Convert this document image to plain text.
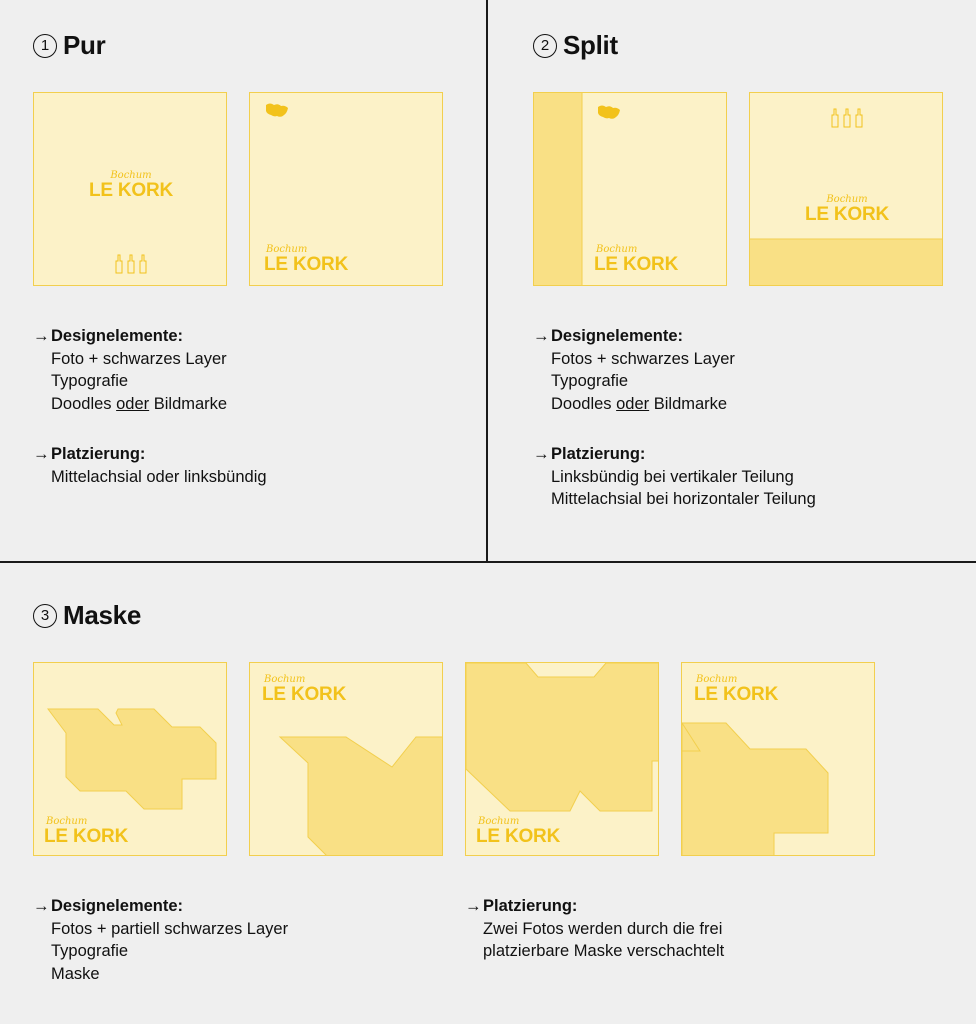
1 Pur
Bochum
LE KORK
Bochum
LE KORK
→Designelemente:
Foto + schwarzes Layer
Typografie
Doodles oder Bildmarke
→Platzierung:
Mittelachsial oder linksbündig
2 Split
Bochum
LE KORK
Bochum
LE KORK
→Designelemente:
Fotos + schwarzes Layer
Typografie
Doodles oder Bildmarke
→Platzierung:
Linksbündig bei vertikaler Teilung
Mittelachsial bei horizontaler Teilung
3 Maske
Bochum
LE KORK
Bochum
LE KORK
Bochum
LE KORK
Bochum
LE KORK
→Designelemente:
Fotos + partiell schwarzes Layer
Typografie
Maske
→Platzierung:
Zwei Fotos werden durch die frei
platzierbare Maske verschachtelt
